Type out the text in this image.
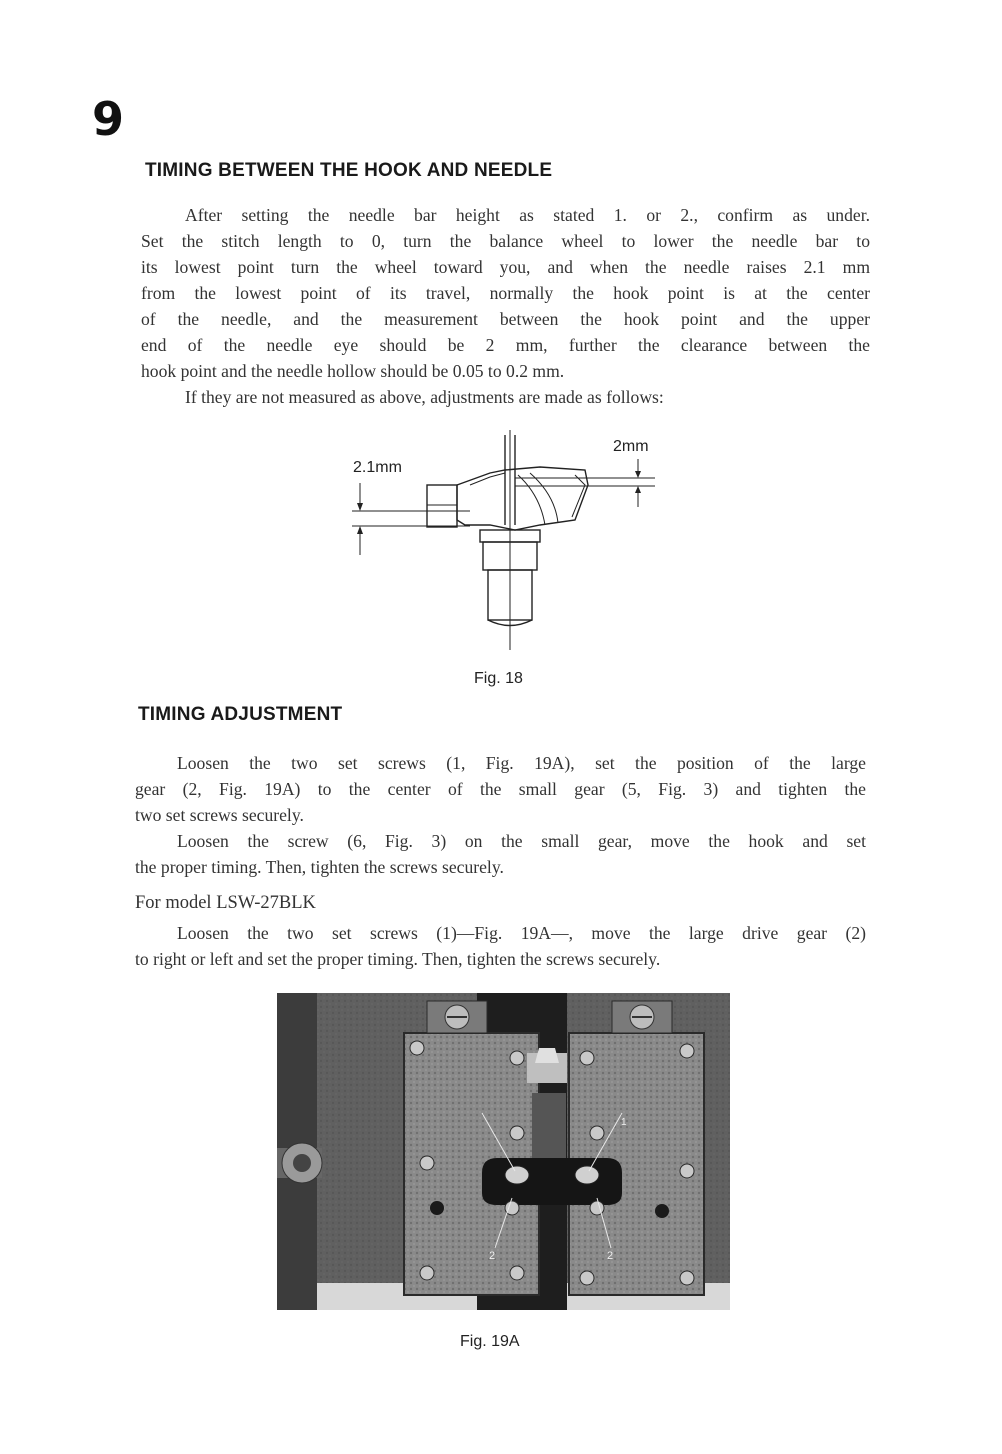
9
TIMING BETWEEN THE HOOK AND NEEDLE
After setting the needle bar height as stated 1. or 2., confirm as under.
Set the stitch length to 0, turn the balance wheel to lower the needle bar to
its lowest point turn the wheel toward you, and when the needle raises 2.1 mm
from the lowest point of its travel, normally the hook point is at the center
of the needle, and the measurement between the hook point and the upper
end of the needle eye should be 2 mm, further the clearance between the
hook point and the needle hollow should be 0.05 to 0.2 mm.
If they are not measured as above, adjustments are made as follows:
2.1mm
2mm
Fig. 18
TIMING ADJUSTMENT
Loosen the two set screws (1, Fig. 19A), set the position of the large
gear (2, Fig. 19A) to the center of the small gear (5, Fig. 3) and tighten the
two set screws securely.
Loosen the screw (6, Fig. 3) on the small gear, move the hook and set
the proper timing. Then, tighten the screws securely.
For model LSW-27BLK
Loosen the two set screws (1)—Fig. 19A—, move the large drive gear (2)
to right or left and set the proper timing. Then, tighten the screws securely.
2	2
1
Fig. 19A
